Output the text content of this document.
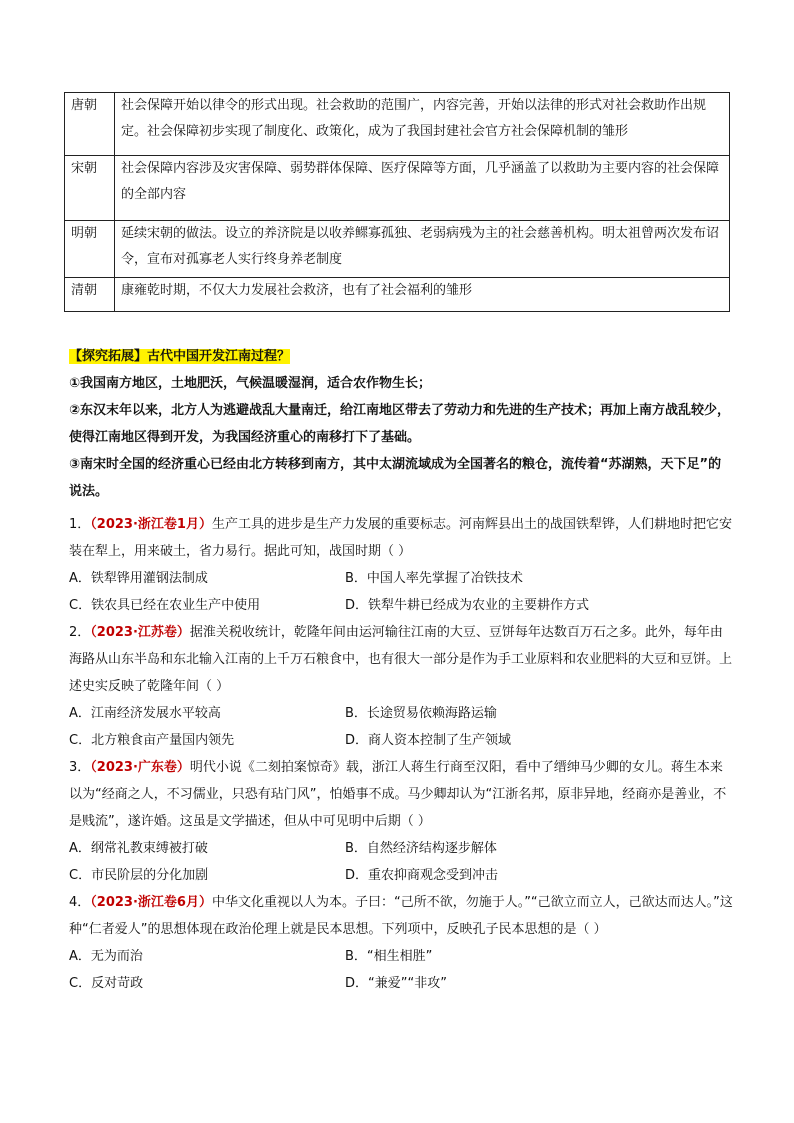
唐朝	社会保障开始以律令的形式出现。社会救助的范围广，内容完善，开始以法律的形式对社会救助作出规定。社会保障初步实现了制度化、政策化，成为了我国封建社会官方社会保障机制的雏形
宋朝	社会保障内容涉及灾害保障、弱势群体保障、医疗保障等方面，几乎涵盖了以救助为主要内容的社会保障的全部内容
明朝	延续宋朝的做法。设立的养济院是以收养鳏寡孤独、老弱病残为主的社会慈善机构。明太祖曾两次发布诏令，宣布对孤寡老人实行终身养老制度
清朝	康雍乾时期，不仅大力发展社会救济，也有了社会福利的雏形

【探究拓展】古代中国开发江南过程？

①我国南方地区，土地肥沃，气候温暖湿润，适合农作物生长；

②东汉末年以来，北方人为逃避战乱大量南迁，给江南地区带去了劳动力和先进的生产技术；再加上南方战乱较少，使得江南地区得到开发，为我国经济重心的南移打下了基础。

③南宋时全国的经济重心已经由北方转移到南方，其中太湖流域成为全国著名的粮仓，流传着“苏湖熟，天下足”的说法。

1．（2023·浙江卷1月）生产工具的进步是生产力发展的重要标志。河南辉县出土的战国铁犁铧，人们耕地时把它安装在犁上，用来破土，省力易行。据此可知，战国时期（ ）

A．铁犁铧用灌钢法制成	B．中国人率先掌握了冶铁技术
C．铁农具已经在农业生产中使用	D．铁犁牛耕已经成为农业的主要耕作方式

2．（2023·江苏卷）据淮关税收统计，乾隆年间由运河输往江南的大豆、豆饼每年达数百万石之多。此外，每年由海路从山东半岛和东北输入江南的上千万石粮食中，也有很大一部分是作为手工业原料和农业肥料的大豆和豆饼。上述史实反映了乾隆年间（ ）

A．江南经济发展水平较高	B．长途贸易依赖海路运输
C．北方粮食亩产量国内领先	D．商人资本控制了生产领域

3．（2023·广东卷）明代小说《二刻拍案惊奇》载，浙江人蒋生行商至汉阳，看中了缙绅马少卿的女儿。蒋生本来以为“经商之人，不习儒业，只恐有玷门风”，怕婚事不成。马少卿却认为“江浙名邦，原非异地，经商亦是善业，不是贱流”，遂许婚。这虽是文学描述，但从中可见明中后期（ ）

A．纲常礼教束缚被打破	B．自然经济结构逐步解体
C．市民阶层的分化加剧	D．重农抑商观念受到冲击

4．（2023·浙江卷6月）中华文化重视以人为本。子曰：“己所不欲，勿施于人。”“己欲立而立人，己欲达而达人。”这种“仁者爱人”的思想体现在政治伦理上就是民本思想。下列项中，反映孔子民本思想的是（ ）

A．无为而治	B．“相生相胜”
C．反对苛政	D．“兼爱”“非攻”
